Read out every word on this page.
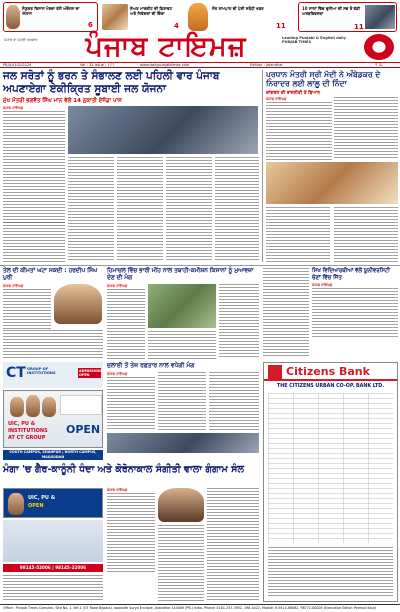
ਸੰਯੁਕਤ ਕਿਸਾਨ ਮੋਰਚਾ ਵੱਲੋਂ ਅੰਦੋਲਨ ਦਾ ਐਲਾਨ
6
ਸ਼ੇਅਰ ਮਾਰਕੀਟ ਦੀ ਗਿਰਾਵਟ ਅਤੇ ਨਿਵੇਸ਼ਕਾਂ ਦੀ ਚਿੰਤਾ
4
ਸੰਤ ਰਾਮਪਾਲ ਦੀ ਪੇਸ਼ੀ ਸਬੰਧੀ ਖਬਰ
11
10 ਸਾਲਾਂ ਵਿੱਚ ਦੁਨੀਆ ਦੀ ਸਭ ਤੋਂ ਵੱਡੀ ਅਰਥਵਿਵਸਥਾ
11
ਪੰਜਾਬ ਦਾ ਮੋਹਰੀ ਅਖਬਾਰ	ਪੰਜਾਬ ਟਾਇਮਜ਼	Leading Punjabi & English daily PUNJAB TIMES
PB/JL0102/2024	Vol : 33 Issue : 177	www.dailypunjabtimes.com	Edition : Jalandhar	₹ 3/-
ਜਲ ਸਰੋਤਾਂ ਨੂੰ ਭਰਨ ਤੇ ਸੰਭਾਲਣ ਲਈ ਪਹਿਲੀ ਵਾਰ ਪੰਜਾਬ ਅਪਣਾਏਗਾ ਏਕੀਕ੍ਰਿਤ ਸੂਬਾਈ ਜਲ ਯੋਜਨਾ
ਮੁੱਖ ਮੰਤਰੀ ਭਗਵੰਤ ਸਿੰਘ ਮਾਨ ਵੱਲੋਂ 14 ਨੁਕਾਤੀ ਏਜੰਡਾ ਪਾਸ
ਪੰਜਾਬ ਟਾਇਮਜ਼
ਪ੍ਰਧਾਨ ਮੰਤਰੀ ਸ੍ਰੀ ਮੋਦੀ ਨੇ ਅੰਬੇਡਕਰ ਦੇ ਨਿਰਾਦਰ ਲਈ ਲਾਲੂ ਦੀ ਨਿੰਦਾ
ਕਾਂਗਰਸ ਦੀ ਰਾਜਨੀਤੀ ਤੇ ਬਿਆਨ
ਪੰਜਾਬ ਟਾਇਮਜ਼
ਤੇਲ ਦੀ ਕੀਮਤਾਂ ਘਟਾ ਸਕਦੀ : ਹਰਦੀਪ ਸਿੰਘ ਪੁਰੀ
ਪੰਜਾਬ ਟਾਇਮਜ਼
ਹਿਮਾਚਲ ਵਿੱਚ ਭਾਰੀ ਮੀਂਹ ਨਾਲ ਤਬਾਹੀ-ਕਮੀਸ਼ਨ ਕਿਸਾਨਾਂ ਨੂੰ ਮੁਆਵਜ਼ਾ ਦੇਣ ਦੀ ਮੰਗ
ਪੰਜਾਬ ਟਾਇਮਜ਼
ਸਿਖ ਵਿਦਿਆਰਥੀਆਂ ਵੱਲੋਂ ਯੂਨੀਵਰਸਿਟੀ ਚੋਣਾਂ ਵਿੱਚ ਜਿੱਤ
ਪੰਜਾਬ ਟਾਇਮਜ਼
CT GROUP OF INSTITUTIONS	ADMISSIONS OPEN
UIC, PU &
INSTITUTIONS
AT CT GROUP
OPEN
SOUTH CAMPUS, SHAHPUR | NORTH CAMPUS, MAQSUDAN
ਜੁਲਾਈ ਤੋਂ ਤੇਜ਼ ਰਫ਼ਤਾਰ ਨਾਲ ਵਧੇਗੀ ਮੰਗ
ਪੰਜਾਬ ਟਾਇਮਜ਼	Citizens Bank
THE CITIZENS URBAN CO-OP. BANK LTD.
ਮੰਗਾ 'ਚ ਗੈਰ-ਕਾਨੂੰਨੀ ਧੰਦਾ ਅਤੇ ਕੋਰੋਨਾਕਾਲ ਸੰਗੀਤੀ ਵਾਲਾ ਗੰਗਾਮ ਸੰਲ
UIC, PU &
OPEN
98145-52006 | 98145-22006
ਪੰਜਾਬ ਟਾਇਮਜ਼
Office : Punjab Times Complex, Site No. 1, NH-1 (GT Road Bypass), opposite Surya Enclave, Jalandhar 144009 (PB.) India. Phone: 0181-257-3952, 298-4422, Mobile: 9-9414-88082, 98772-00003 (Executive Editor: Parmod Kaur)
